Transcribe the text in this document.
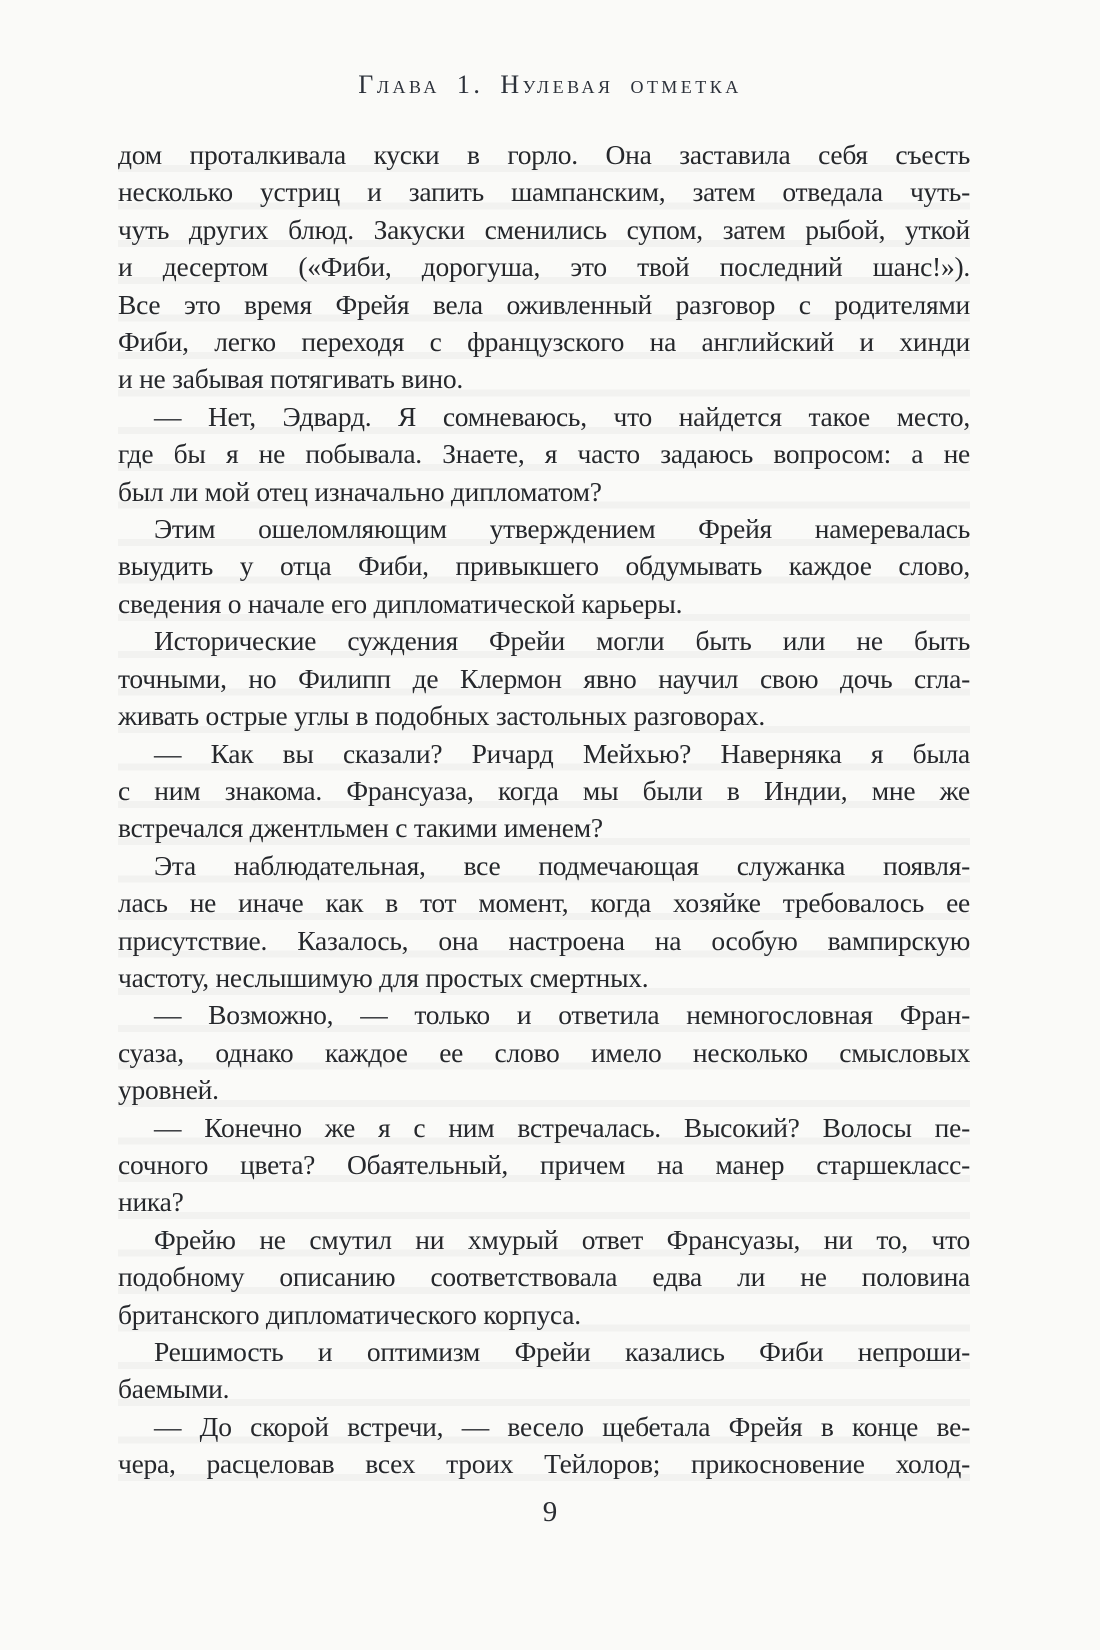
Глава 1. Нулевая отметка
дом проталкивала куски в горло. Она заставила себя съесть
несколько устриц и запить шампанским, затем отведала чуть-
чуть других блюд. Закуски сменились супом, затем рыбой, уткой
и десертом («Фиби, дорогуша, это твой последний шанс!»).
Все это время Фрейя вела оживленный разговор с родителями
Фиби, легко переходя с французского на английский и хинди
и не забывая потягивать вино.
— Нет, Эдвард. Я сомневаюсь, что найдется такое место,
где бы я не побывала. Знаете, я часто задаюсь вопросом: а не
был ли мой отец изначально дипломатом?
Этим ошеломляющим утверждением Фрейя намеревалась
выудить у отца Фиби, привыкшего обдумывать каждое слово,
сведения о начале его дипломатической карьеры.
Исторические суждения Фрейи могли быть или не быть
точными, но Филипп де Клермон явно научил свою дочь сгла-
живать острые углы в подобных застольных разговорах.
— Как вы сказали? Ричард Мейхью? Наверняка я была
с ним знакома. Франсуаза, когда мы были в Индии, мне же
встречался джентльмен с такими именем?
Эта наблюдательная, все подмечающая служанка появля-
лась не иначе как в тот момент, когда хозяйке требовалось ее
присутствие. Казалось, она настроена на особую вампирскую
частоту, неслышимую для простых смертных.
— Возможно, — только и ответила немногословная Фран-
суаза, однако каждое ее слово имело несколько смысловых
уровней.
— Конечно же я с ним встречалась. Высокий? Волосы пе-
сочного цвета? Обаятельный, причем на манер старшекласс-
ника?
Фрейю не смутил ни хмурый ответ Франсуазы, ни то, что
подобному описанию соответствовала едва ли не половина
британского дипломатического корпуса.
Решимость и оптимизм Фрейи казались Фиби непроши-
баемыми.
— До скорой встречи, — весело щебетала Фрейя в конце ве-
чера, расцеловав всех троих Тейлоров; прикосновение холод-
9
